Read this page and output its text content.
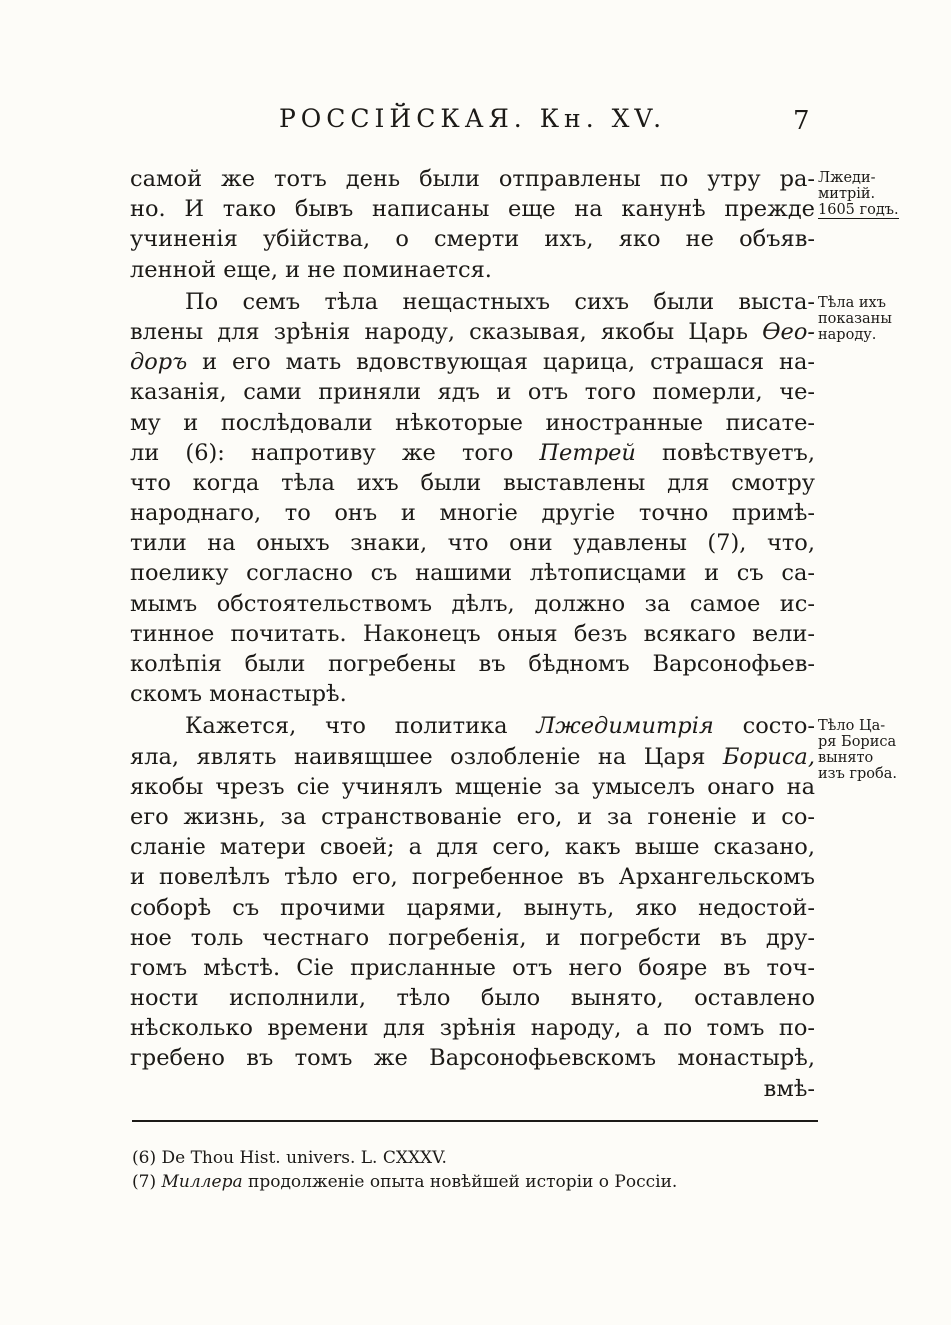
РОССІЙСКАЯ. Кн. XV.	7
самой же тотъ день были отправлены по утру ра-
но. И тако бывъ написаны еще на канунѣ прежде
учиненія убійства, о смерти ихъ, яко не объяв-
ленной еще, и не поминается.
По семъ тѣла нещастныхъ сихъ были выста-
влены для зрѣнія народу, сказывая, якобы Царь Өео-
доръ и его мать вдовствующая царица, страшася на-
казанія, сами приняли ядъ и отъ того померли, че-
му и послѣдовали нѣкоторые иностранные писате-
ли (6): напротиву же того Петрей повѣствуетъ,
что когда тѣла ихъ были выставлены для смотру
народнаго, то онъ и многіе другіе точно примѣ-
тили на оныхъ знаки, что они удавлены (7), что,
поелику согласно съ нашими лѣтописцами и съ са-
мымъ обстоятельствомъ дѣлъ, должно за самое ис-
тинное почитать. Наконецъ оныя безъ всякаго вели-
колѣпія были погребены въ бѣдномъ Варсонофьев-
скомъ монастырѣ.
Кажется, что политика Лжедимитрія состо-
яла, являть наивящшее озлобленіе на Царя Бориса,
якобы чрезъ сіе учинялъ мщеніе за умыселъ онаго на
его жизнь, за странствованіе его, и за гоненіе и со-
сланіе матери своей; а для сего, какъ выше сказано,
и повелѣлъ тѣло его, погребенное въ Архангельскомъ
соборѣ съ прочими царями, вынуть, яко недостой-
ное толь честнаго погребенія, и погребсти въ дру-
гомъ мѣстѣ. Сіе присланные отъ него бояре въ точ-
ности исполнили, тѣло было вынято, оставлено
нѣсколько времени для зрѣнія народу, а по томъ по-
гребено въ томъ же Варсонофьевскомъ монастырѣ,
вмѣ-
Лжеди-
митрій.
1605 годъ.
Тѣла ихъ
показаны
народу.
Тѣло Ца-
ря Бориса
вынято
изъ гроба.
(6) De Thou Hist. univers. L. CXXXV.
(7) Миллера продолженіе опыта новѣйшей исторіи о Россіи.
